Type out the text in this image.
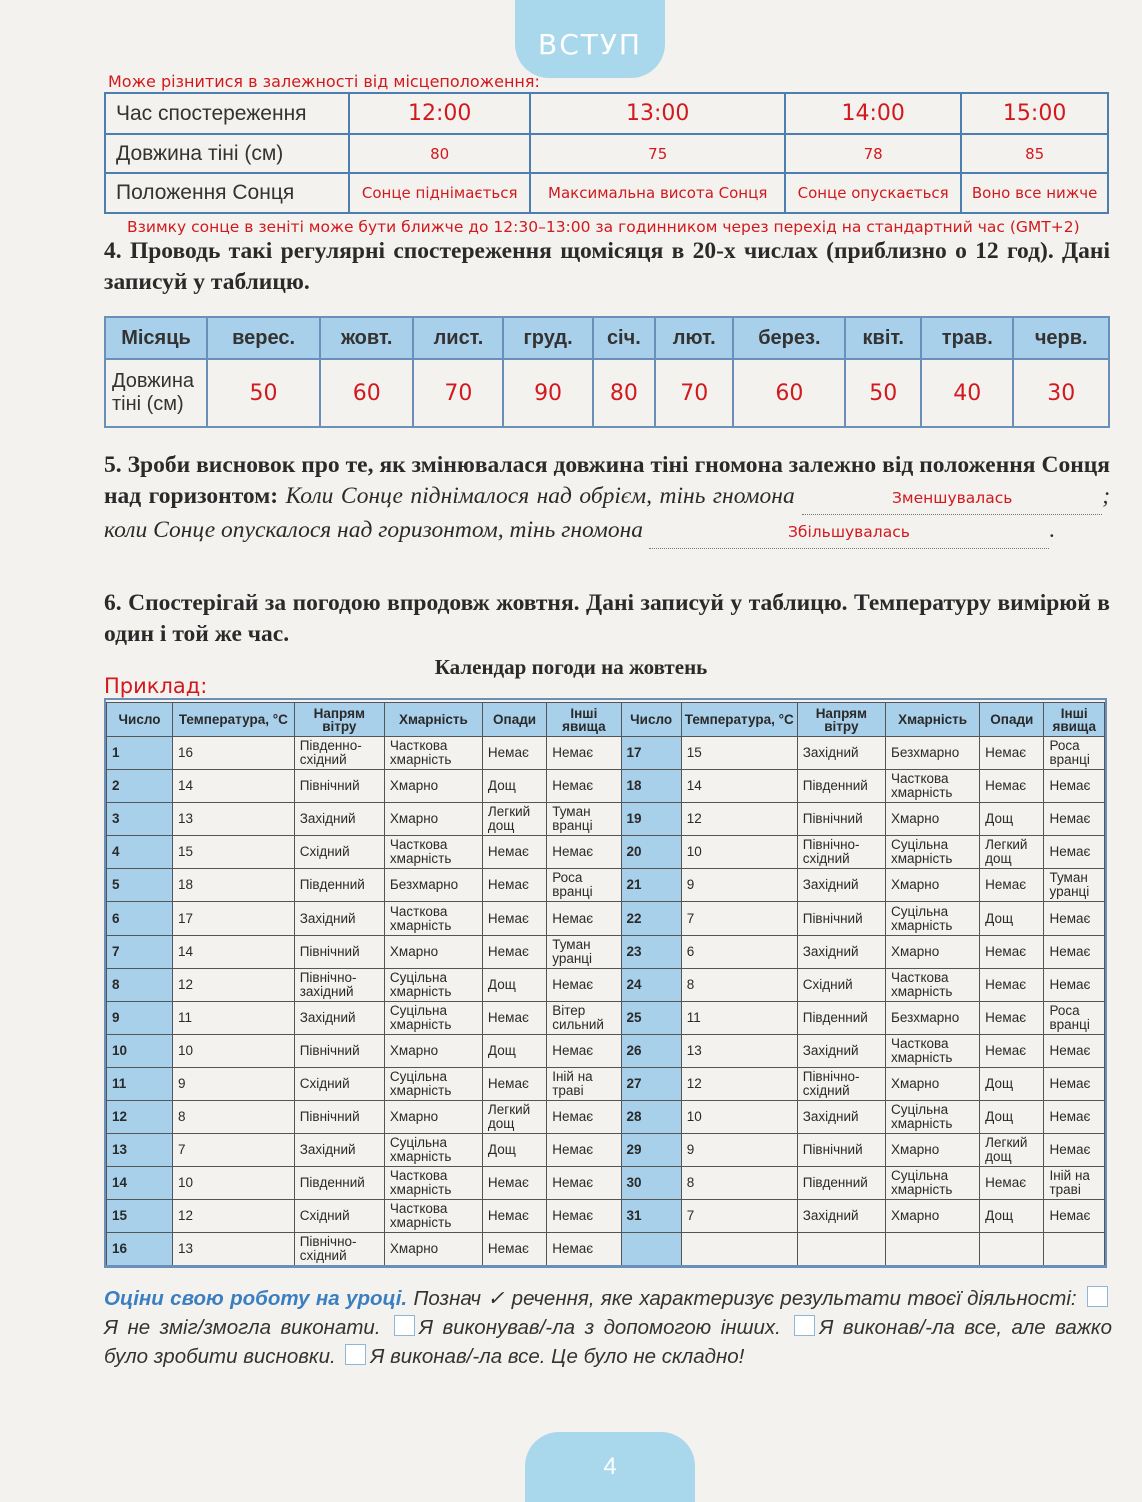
ВСТУП
Може різнитися в залежності від місцеположення:
Час спостереження	12:00	13:00	14:00	15:00
Довжина тіні (см)	80	75	78	85
Положення Сонця	Сонце піднімається	Максимальна висота Сонця	Сонце опускається	Воно все нижче
Взимку сонце в зеніті може бути ближче до 12:30–13:00 за годинником через перехід на стандартний час (GMT+2)
4. Проводь такі регулярні спостереження щомісяця в 20-х числах (приблизно о 12 год). Дані записуй у таблицю.
Місяць	верес.	жовт.	лист.	груд.	січ.	лют.	берез.	квіт.	трав.	черв.
Довжина тіні (см)	50	60	70	90	80	70	60	50	40	30
5. Зроби висновок про те, як змінювалася довжина тіні гномона залежно від положення Сонця над горизонтом: Коли Сонце піднімалося над обрієм, тінь гномона	Зменшувалась	; коли Сонце опускалося над горизонтом, тінь гномона	Збільшувалась	.
6. Спостерігай за погодою впродовж жовтня. Дані записуй у таблицю. Температуру вимірюй в один і той же час.
Календар погоди на жовтень
Приклад:
Число	Температура, °C	Напрям вітру	Хмарність	Опади	Інші явища	Число	Температура, °C	Напрям вітру	Хмарність	Опади	Інші явища
1	16	Південно-східний	Часткова хмарність	Немає	Немає	17	15	Західний	Безхмарно	Немає	Роса вранці
2	14	Північний	Хмарно	Дощ	Немає	18	14	Південний	Часткова хмарність	Немає	Немає
3	13	Західний	Хмарно	Легкий дощ	Туман вранці	19	12	Північний	Хмарно	Дощ	Немає
4	15	Східний	Часткова хмарність	Немає	Немає	20	10	Північно-східний	Суцільна хмарність	Легкий дощ	Немає
5	18	Південний	Безхмарно	Немає	Роса вранці	21	9	Західний	Хмарно	Немає	Туман уранці
6	17	Західний	Часткова хмарність	Немає	Немає	22	7	Північний	Суцільна хмарність	Дощ	Немає
7	14	Північний	Хмарно	Немає	Туман уранці	23	6	Західний	Хмарно	Немає	Немає
8	12	Північно-західний	Суцільна хмарність	Дощ	Немає	24	8	Східний	Часткова хмарність	Немає	Немає
9	11	Західний	Суцільна хмарність	Немає	Вітер сильний	25	11	Південний	Безхмарно	Немає	Роса вранці
10	10	Північний	Хмарно	Дощ	Немає	26	13	Західний	Часткова хмарність	Немає	Немає
11	9	Східний	Суцільна хмарність	Немає	Іній на траві	27	12	Північно-східний	Хмарно	Дощ	Немає
12	8	Північний	Хмарно	Легкий дощ	Немає	28	10	Західний	Суцільна хмарність	Дощ	Немає
13	7	Західний	Суцільна хмарність	Дощ	Немає	29	9	Північний	Хмарно	Легкий дощ	Немає
14	10	Південний	Часткова хмарність	Немає	Немає	30	8	Південний	Суцільна хмарність	Немає	Іній на траві
15	12	Східний	Часткова хмарність	Немає	Немає	31	7	Західний	Хмарно	Дощ	Немає
16	13	Північно-східний	Хмарно	Немає	Немає						
Оціни свою роботу на уроці. Познач ✓ речення, яке характеризує результати твоєї діяльності: Я не зміг/змогла виконати. Я виконував/-ла з допомогою інших. Я виконав/-ла все, але важко було зробити висновки. Я виконав/-ла все. Це було не складно!
4
